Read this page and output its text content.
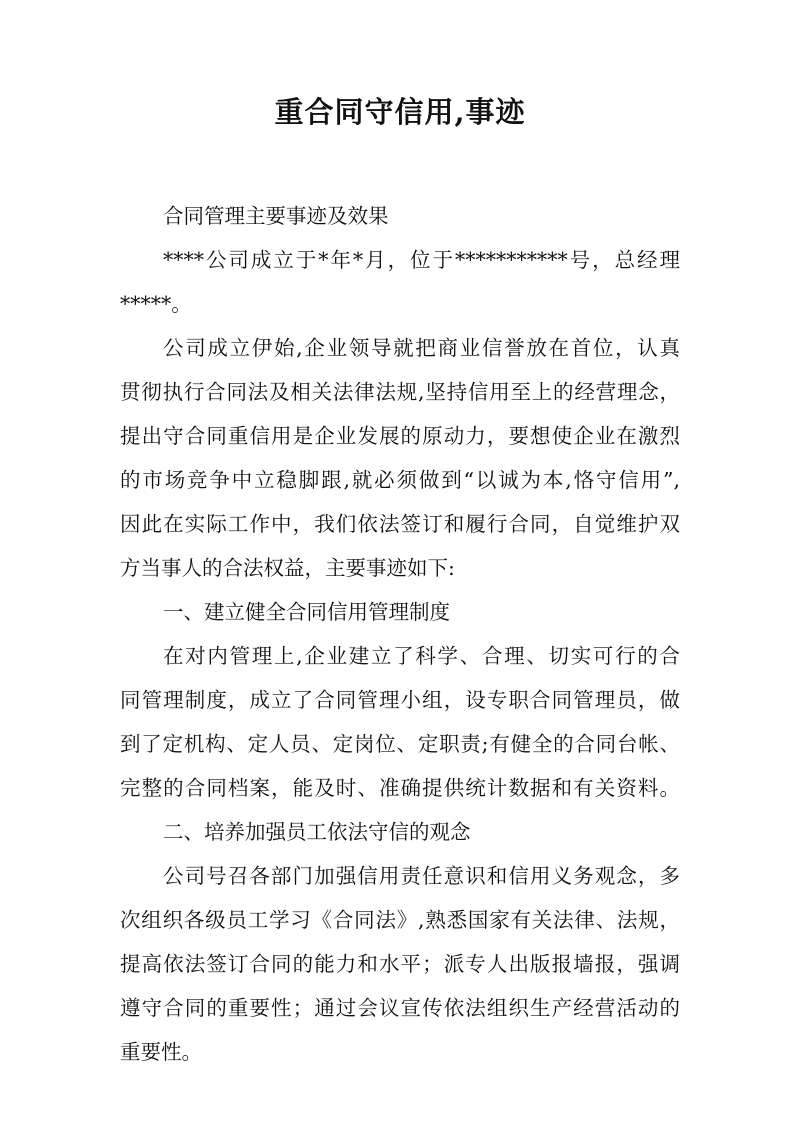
重合同守信用,事迹
合同管理主要事迹及效果
****公司成立于*年*月，位于***********号，总经理
*****。
公司成立伊始,企业领导就把商业信誉放在首位，认真
贯彻执行合同法及相关法律法规,坚持信用至上的经营理念，
提出守合同重信用是企业发展的原动力，要想使企业在激烈
的市场竞争中立稳脚跟,就必须做到“以诚为本,恪守信用”,
因此在实际工作中，我们依法签订和履行合同，自觉维护双
方当事人的合法权益，主要事迹如下:
一、建立健全合同信用管理制度
在对内管理上,企业建立了科学、合理、切实可行的合
同管理制度，成立了合同管理小组，设专职合同管理员，做
到了定机构、定人员、定岗位、定职责;有健全的合同台帐、
完整的合同档案，能及时、准确提供统计数据和有关资料。
二、培养加强员工依法守信的观念
公司号召各部门加强信用责任意识和信用义务观念，多
次组织各级员工学习《合同法》,熟悉国家有关法律、法规，
提高依法签订合同的能力和水平；派专人出版报墙报，强调
遵守合同的重要性；通过会议宣传依法组织生产经营活动的
重要性。
